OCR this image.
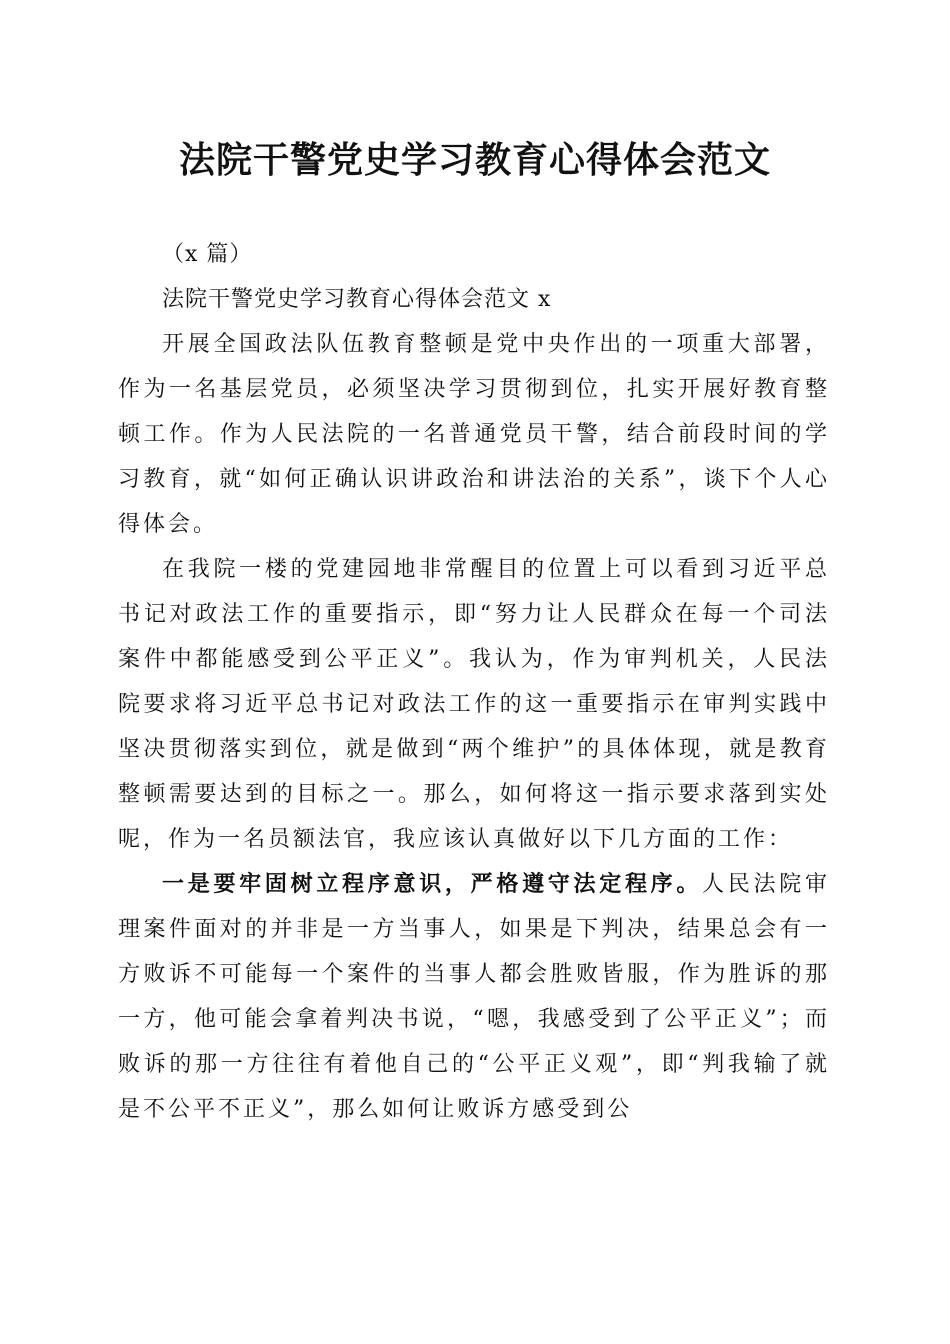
法院干警党史学习教育心得体会范文

（x 篇）

法院干警党史学习教育心得体会范文 x

开展全国政法队伍教育整顿是党中央作出的一项重大部署，作为一名基层党员，必须坚决学习贯彻到位，扎实开展好教育整顿工作。作为人民法院的一名普通党员干警，结合前段时间的学习教育，就“如何正确认识讲政治和讲法治的关系”，谈下个人心得体会。

在我院一楼的党建园地非常醒目的位置上可以看到习近平总书记对政法工作的重要指示，即“努力让人民群众在每一个司法案件中都能感受到公平正义”。我认为，作为审判机关，人民法院要求将习近平总书记对政法工作的这一重要指示在审判实践中坚决贯彻落实到位，就是做到“两个维护”的具体体现，就是教育整顿需要达到的目标之一。那么，如何将这一指示要求落到实处呢，作为一名员额法官，我应该认真做好以下几方面的工作：

一是要牢固树立程序意识，严格遵守法定程序。人民法院审理案件面对的并非是一方当事人，如果是下判决，结果总会有一方败诉不可能每一个案件的当事人都会胜败皆服，作为胜诉的那一方，他可能会拿着判决书说，“嗯，我感受到了公平正义”；而败诉的那一方往往有着他自己的“公平正义观”，即“判我输了就是不公平不正义”，那么如何让败诉方感受到公
